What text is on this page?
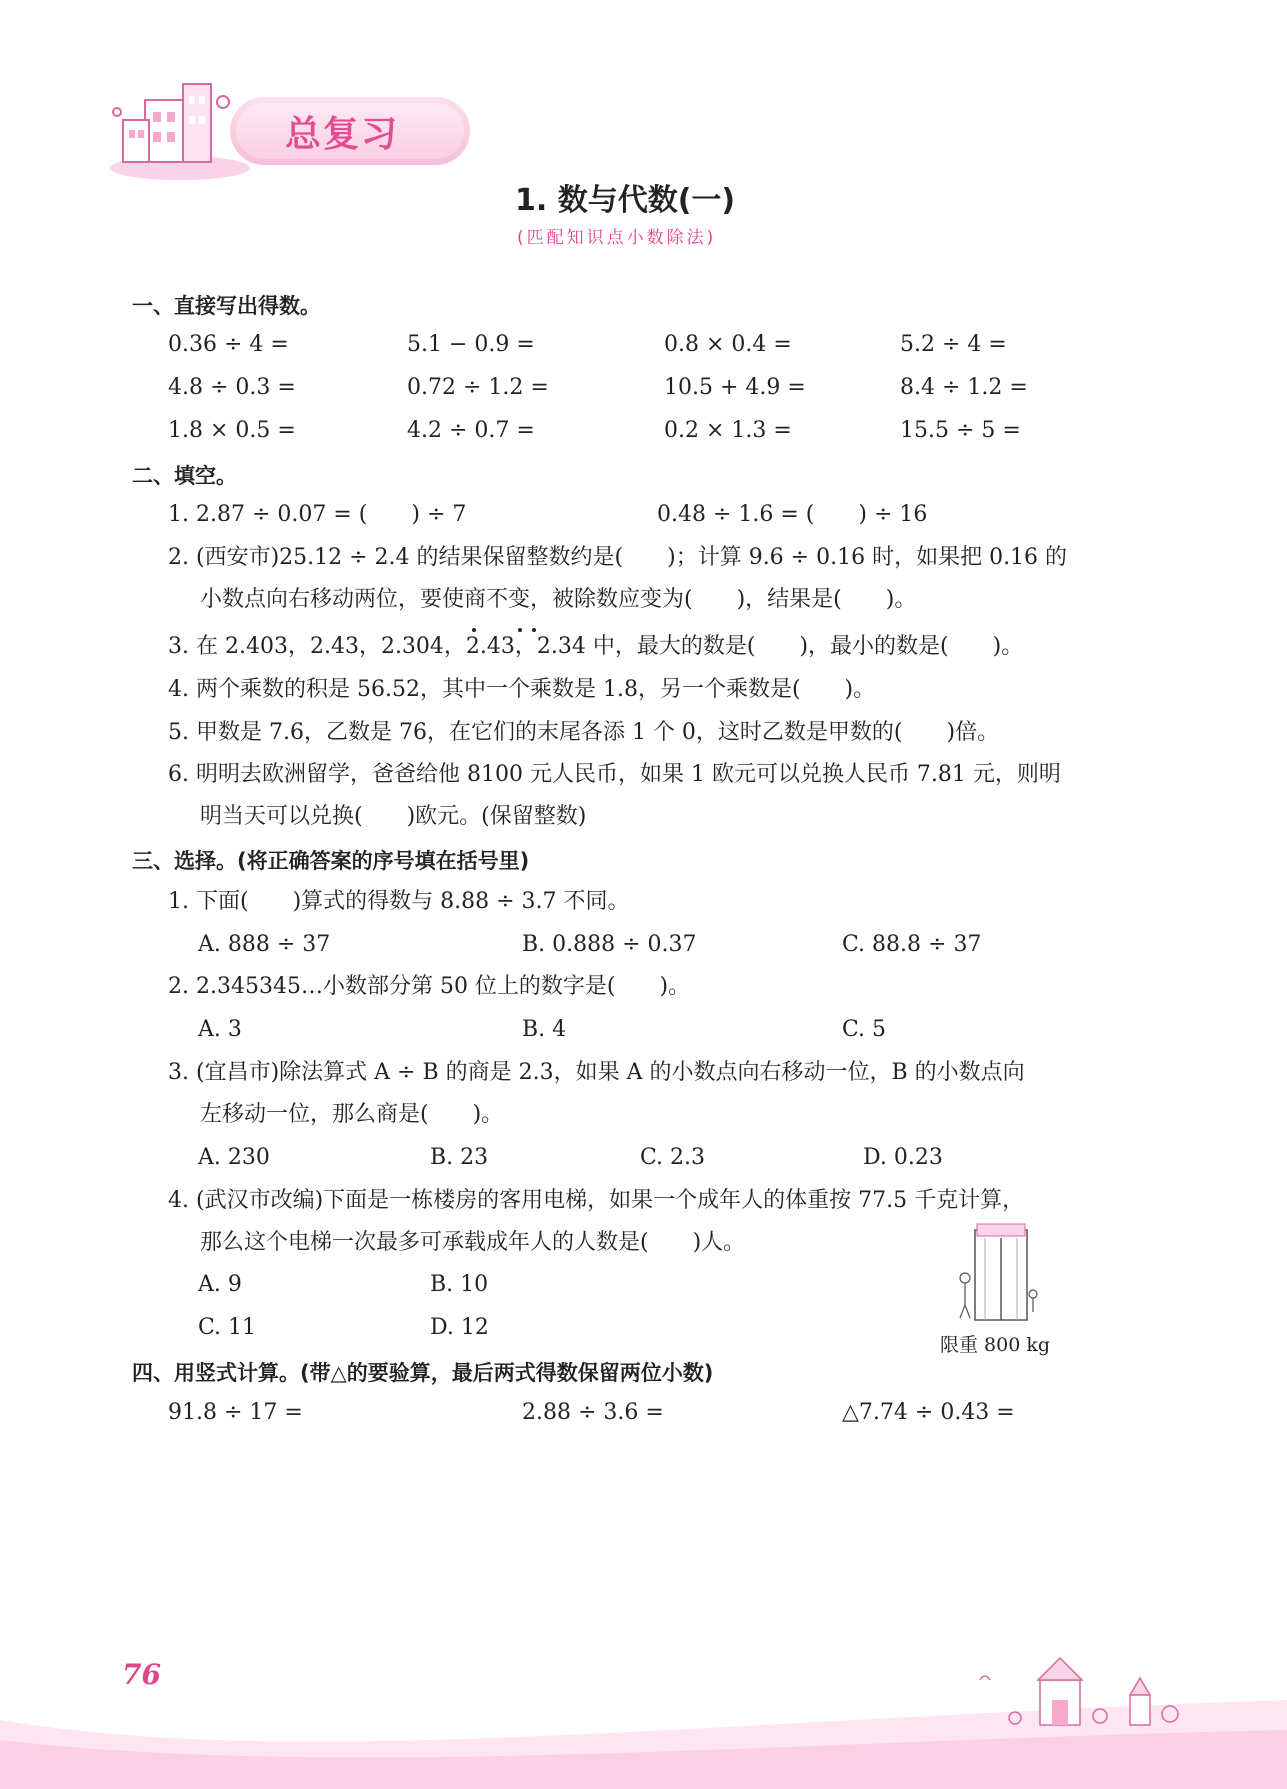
总复习
1. 数与代数(一)
(匹配知识点小数除法)
一、直接写出得数。
0.36 ÷ 4 =	5.1 − 0.9 =	0.8 × 0.4 =	5.2 ÷ 4 =
4.8 ÷ 0.3 =	0.72 ÷ 1.2 =	10.5 + 4.9 =	8.4 ÷ 1.2 =
1.8 × 0.5 =	4.2 ÷ 0.7 =	0.2 × 1.3 =	15.5 ÷ 5 =
二、填空。
1. 2.87 ÷ 0.07 = (　　) ÷ 7	0.48 ÷ 1.6 = (　　) ÷ 16
2. (西安市)25.12 ÷ 2.4 的结果保留整数约是(　　)；计算 9.6 ÷ 0.16 时，如果把 0.16 的
小数点向右移动两位，要使商不变，被除数应变为(　　)，结果是(　　)。
3. 在 2.403，2.43，2.304，2.43，2.34 中，最大的数是(　　)，最小的数是(　　)。
4. 两个乘数的积是 56.52，其中一个乘数是 1.8，另一个乘数是(　　)。
5. 甲数是 7.6，乙数是 76，在它们的末尾各添 1 个 0，这时乙数是甲数的(　　)倍。
6. 明明去欧洲留学，爸爸给他 8100 元人民币，如果 1 欧元可以兑换人民币 7.81 元，则明
明当天可以兑换(　　)欧元。(保留整数)
三、选择。(将正确答案的序号填在括号里)
1. 下面(　　)算式的得数与 8.88 ÷ 3.7 不同。
A. 888 ÷ 37	B. 0.888 ÷ 0.37	C. 88.8 ÷ 37
2. 2.345345…小数部分第 50 位上的数字是(　　)。
A. 3	B. 4	C. 5
3. (宜昌市)除法算式 A ÷ B 的商是 2.3，如果 A 的小数点向右移动一位，B 的小数点向
左移动一位，那么商是(　　)。
A. 230	B. 23	C. 2.3	D. 0.23
4. (武汉市改编)下面是一栋楼房的客用电梯，如果一个成年人的体重按 77.5 千克计算，
那么这个电梯一次最多可承载成年人的人数是(　　)人。
A. 9	B. 10
C. 11	D. 12
限重 800 kg
四、用竖式计算。(带△的要验算，最后两式得数保留两位小数)
91.8 ÷ 17 =	2.88 ÷ 3.6 =	△7.74 ÷ 0.43 =
76
